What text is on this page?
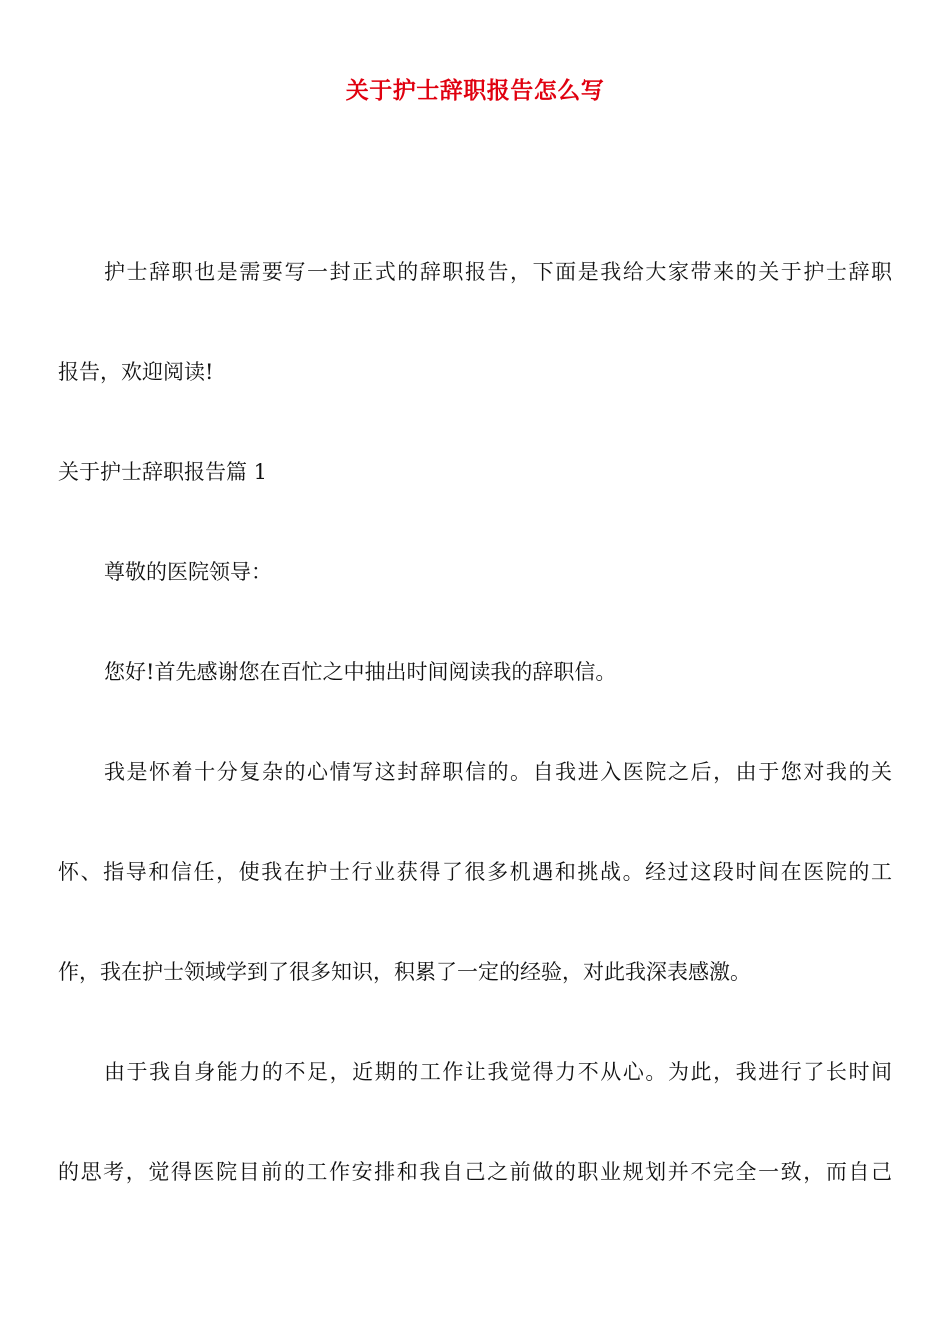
关于护士辞职报告怎么写
护士辞职也是需要写一封正式的辞职报告，下面是我给大家带来的关于护士辞职
报告，欢迎阅读!
关于护士辞职报告篇 1
尊敬的医院领导：
您好!首先感谢您在百忙之中抽出时间阅读我的辞职信。
我是怀着十分复杂的心情写这封辞职信的。自我进入医院之后，由于您对我的关
怀、指导和信任，使我在护士行业获得了很多机遇和挑战。经过这段时间在医院的工
作，我在护士领域学到了很多知识，积累了一定的经验，对此我深表感激。
由于我自身能力的不足，近期的工作让我觉得力不从心。为此，我进行了长时间
的思考，觉得医院目前的工作安排和我自己之前做的职业规划并不完全一致，而自己
